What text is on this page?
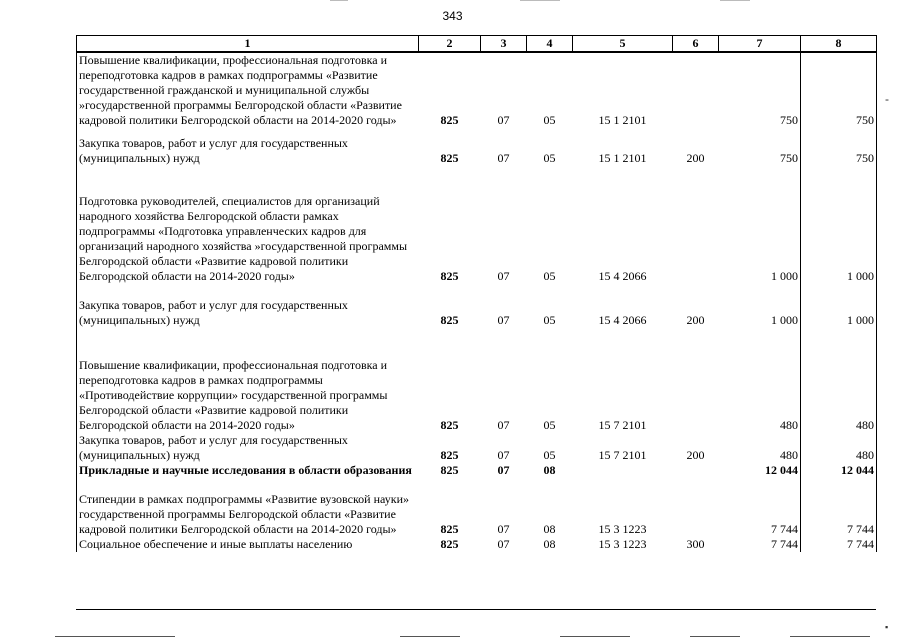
343
1	2	3	4	5	6	7	8
Повышение квалификации, профессиональная подготовка и переподготовка кадров в рамках подпрограммы «Развитие государственной гражданской и муниципальной службы »государственной программы Белгородской области «Развитие кадровой политики Белгородской области на 2014-2020 годы»	825	07	05	15 1 2101		750	750
Закупка товаров, работ и услуг для государственных (муниципальных) нужд	825	07	05	15 1 2101	200	750	750
Подготовка руководителей, специалистов для организаций народного хозяйства Белгородской области рамках подпрограммы «Подготовка управленческих кадров для организаций народного хозяйства »государственной программы Белгородской области «Развитие кадровой политики Белгородской области на 2014-2020 годы»	825	07	05	15 4 2066		1 000	1 000
Закупка товаров, работ и услуг для государственных (муниципальных) нужд	825	07	05	15 4 2066	200	1 000	1 000
Повышение квалификации, профессиональная подготовка и переподготовка кадров в рамках подпрограммы «Противодействие коррупции» государственной программы Белгородской области «Развитие кадровой политики Белгородской области на 2014-2020 годы»	825	07	05	15 7 2101		480	480
Закупка товаров, работ и услуг для государственных (муниципальных) нужд	825	07	05	15 7 2101	200	480	480
Прикладные и научные исследования в области образования	825	07	08			12 044	12 044
Стипендии в рамках подпрограммы «Развитие вузовской науки» государственной программы Белгородской области «Развитие кадровой политики Белгородской области на 2014-2020 годы»	825	07	08	15 3 1223		7 744	7 744
Социальное обеспечение и иные выплаты населению	825	07	08	15 3 1223	300	7 744	7 744
-
▪
